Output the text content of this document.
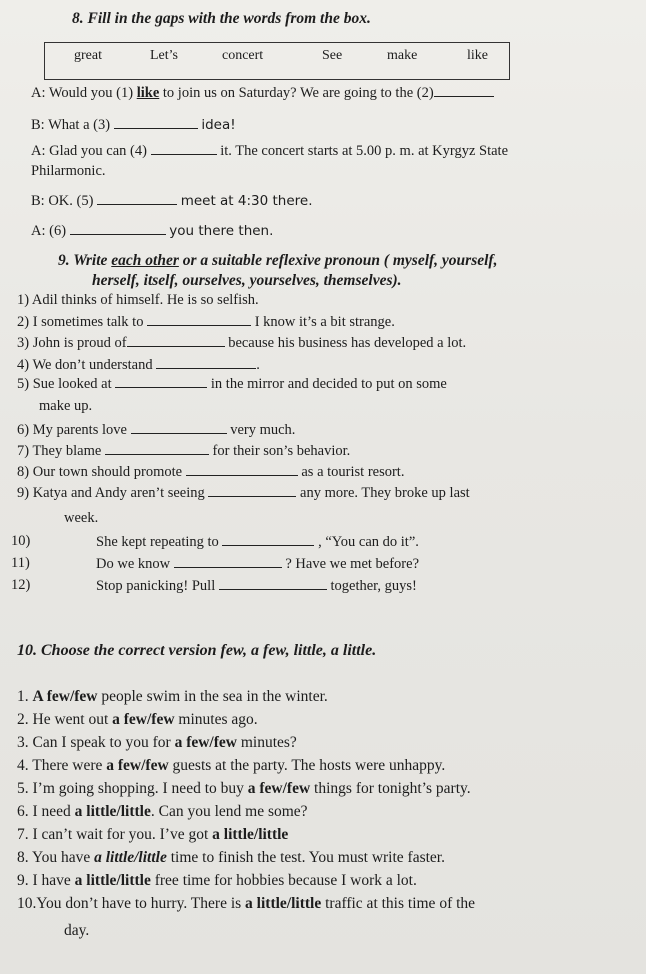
8. Fill in the gaps with the words from the box.
great	Let’s	concert	See	make	like
A: Would you (1) like to join us on Saturday? We are going to the (2)
B: What a (3)	idea!
A: Glad you can (4)	it. The concert starts at 5.00 p. m. at Kyrgyz State
Philarmonic.
B: OK. (5)	meet at 4:30 there.
A: (6)	you there then.
9. Write each other or a suitable reflexive pronoun ( myself, yourself,
herself, itself, ourselves, yourselves, themselves).
1) Adil thinks of himself. He is so selfish.
2) I sometimes talk to	I know it’s a bit strange.
3) John is proud of	because his business has developed a lot.
4) We don’t understand	.
5) Sue looked at	in the mirror and decided to put on some
make up.
6) My parents love	very much.
7) They blame	for their son’s behavior.
8) Our town should promote	as a tourist resort.
9) Katya and Andy aren’t seeing	any more. They broke up last
week.
10)	She kept repeating to	, “You can do it”.
11)	Do we know	? Have we met before?
12)	Stop panicking! Pull	together, guys!
10. Choose the correct version few, a few, little, a little.
1. A few/few people swim in the sea in the winter.
2. He went out a few/few minutes ago.
3. Can I speak to you for a few/few minutes?
4. There were a few/few guests at the party. The hosts were unhappy.
5. I’m going shopping. I need to buy a few/few things for tonight’s party.
6. I need a little/little. Can you lend me some?
7. I can’t wait for you. I’ve got a little/little
8. You have a little/little time to finish the test. You must write faster.
9. I have a little/little free time for hobbies because I work a lot.
10.You don’t have to hurry. There is a little/little traffic at this time of the
day.
